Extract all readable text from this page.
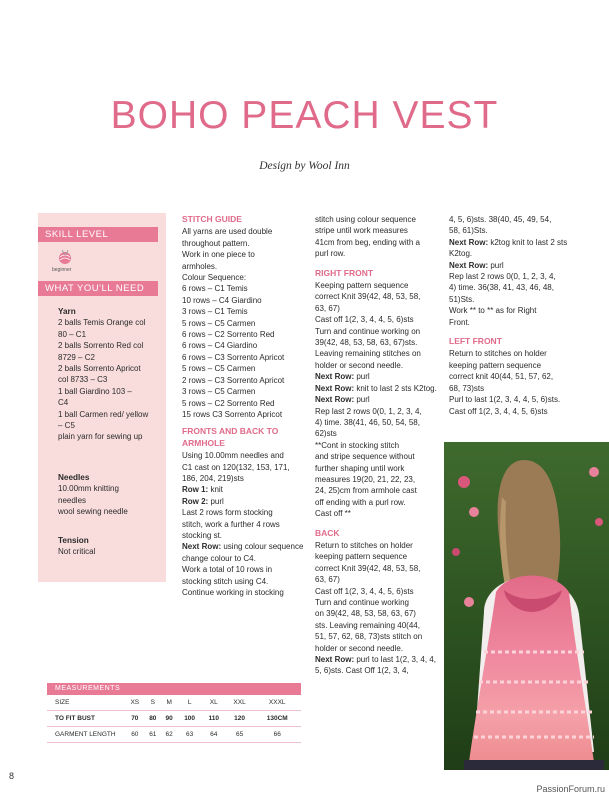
BOHO PEACH VEST
Design by Wool Inn
SKILL LEVEL
beginner
WHAT YOU'LL NEED
Yarn

2 balls Temis Orange col

80 – C1

2 balls Sorrento Red col

8729 – C2

2 balls Sorrento Apricot

col 8733 – C3

1 ball Giardino 103 –

C4

1 ball Carmen red/ yellow

– C5

plain yarn for sewing up

Needles

10.00mm knitting

needles

wool sewing needle

Tension

Not critical

STITCH GUIDE

All yarns are used double

throughout pattern.

Work in one piece to

armholes.

Colour Sequence:

6 rows – C1 Temis

10 rows – C4 Giardino

3 rows – C1 Temis

5 rows – C5 Carmen

6 rows – C2 Sorrento Red

6 rows – C4 Giardino

6 rows – C3 Sorrento Apricot

5 rows – C5 Carmen

2 rows – C3 Sorrento Apricot

3 rows – C5 Carmen

5 rows – C2 Sorrento Red

15 rows C3 Sorrento Apricot

FRONTS AND BACK TO ARMHOLE

Using 10.00mm needles and

C1 cast on 120(132, 153, 171,

186, 204, 219)sts

Row 1: knit

Row 2: purl

Last 2 rows form stocking

stitch, work a further 4 rows

stocking st.

Next Row: using colour sequence change colour to C4.

Work a total of 10 rows in

stocking stitch using C4.

Continue working in stocking

stitch using colour sequence

stripe until work measures

41cm from beg, ending with a

purl row.

RIGHT FRONT

Keeping pattern sequence

correct Knit 39(42, 48, 53, 58,

63, 67)

Cast off 1(2, 3, 4, 4, 5, 6)sts

Turn and continue working on

39(42, 48, 53, 58, 63, 67)sts.

Leaving remaining stitches on

holder or second needle.

Next Row: purl

Next Row: knit to last 2 sts K2tog.

Next Row: purl

Rep last 2 rows 0(0, 1, 2, 3, 4,

4) time. 38(41, 46, 50, 54, 58,

62)sts

**Cont in stocking stitch

and stripe sequence without

further shaping until work

measures 19(20, 21, 22, 23,

24, 25)cm from armhole cast

off ending with a purl row.

Cast off **

BACK

Return to stitches on holder

keeping pattern sequence

correct Knit 39(42, 48, 53, 58,

63, 67)

Cast off 1(2, 3, 4, 4, 5, 6)sts

Turn and continue working

on 39(42, 48, 53, 58, 63, 67)

sts. Leaving remaining 40(44,

51, 57, 62, 68, 73)sts stitch on

holder or second needle.

Next Row: purl to last 1(2, 3, 4, 4, 5, 6)sts. Cast Off 1(2, 3, 4,

4, 5, 6)sts. 38(40, 45, 49, 54,

58, 61)Sts.

Next Row: k2tog knit to last 2 sts K2tog.

Next Row: purl

Rep last 2 rows 0(0, 1, 2, 3, 4,

4) time. 36(38, 41, 43, 46, 48,

51)Sts.

Work ** to ** as for Right

Front.

LEFT FRONT

Return to stitches on holder

keeping pattern sequence

correct knit 40(44, 51, 57, 62,

68, 73)sts

Purl to last 1(2, 3, 4, 4, 5, 6)sts.

Cast off 1(2, 3, 4, 4, 5, 6)sts

MEASUREMENTS
SIZE	XS	S	M	L	XL	XXL	XXXL
TO FIT BUST	70	80	90	100	110	120	130CM
GARMENT LENGTH	60	61	62	63	64	65	66
8
PassionForum.ru
